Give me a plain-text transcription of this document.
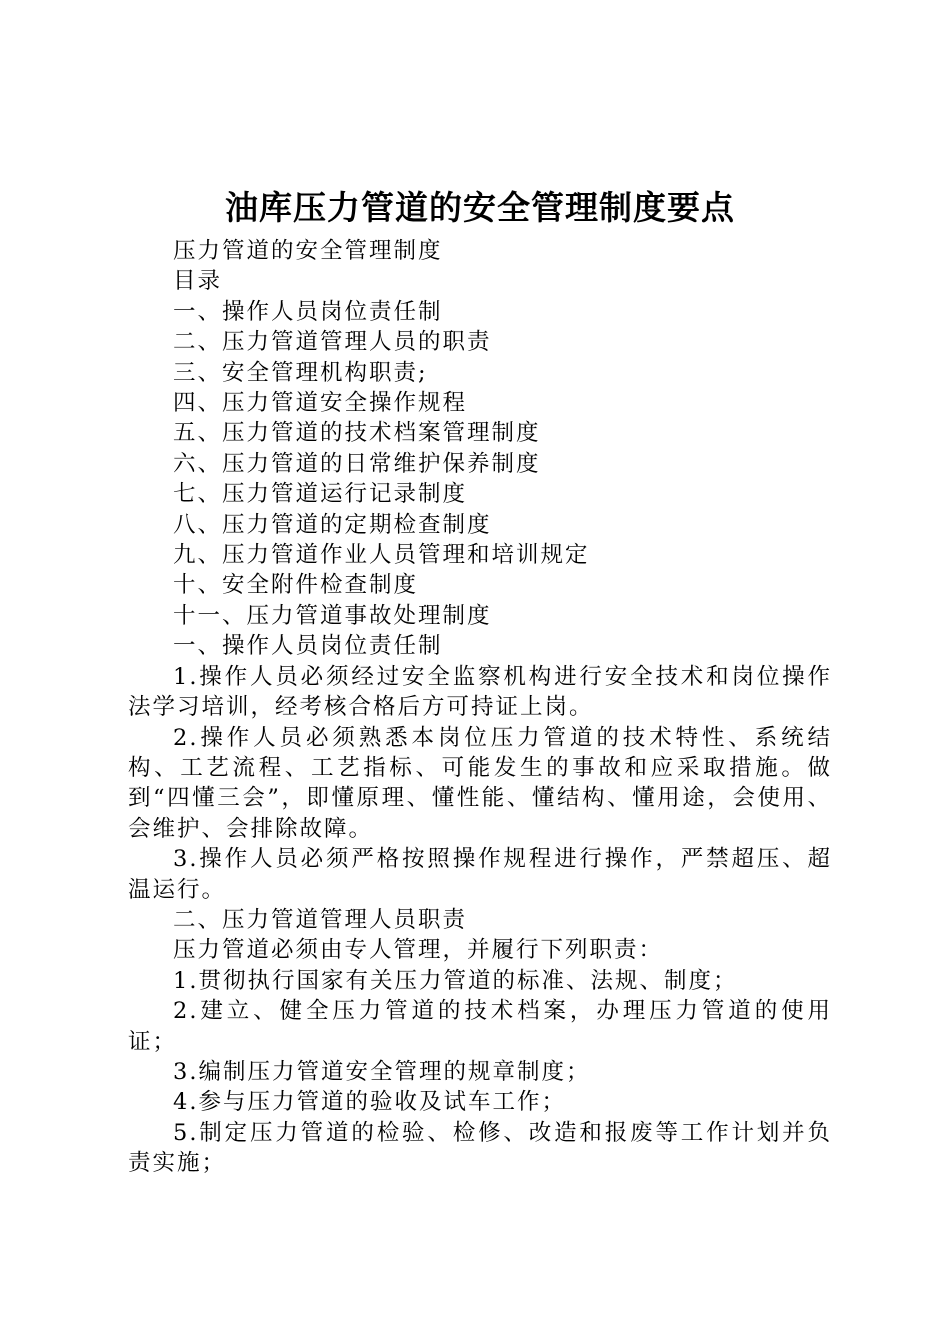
油库压力管道的安全管理制度要点

压力管道的安全管理制度

目录

一、操作人员岗位责任制

二、压力管道管理人员的职责

三、安全管理机构职责;

四、压力管道安全操作规程

五、压力管道的技术档案管理制度

六、压力管道的日常维护保养制度

七、压力管道运行记录制度

八、压力管道的定期检查制度

九、压力管道作业人员管理和培训规定

十、安全附件检查制度

十一、压力管道事故处理制度

一、操作人员岗位责任制

1.操作人员必须经过安全监察机构进行安全技术和岗位操作法学习培训，经考核合格后方可持证上岗。

2.操作人员必须熟悉本岗位压力管道的技术特性、系统结构、工艺流程、工艺指标、可能发生的事故和应采取措施。做到“四懂三会”，即懂原理、懂性能、懂结构、懂用途，会使用、会维护、会排除故障。

3.操作人员必须严格按照操作规程进行操作，严禁超压、超温运行。

二、压力管道管理人员职责

压力管道必须由专人管理，并履行下列职责：

1.贯彻执行国家有关压力管道的标准、法规、制度；

2.建立、健全压力管道的技术档案，办理压力管道的使用证；

3.编制压力管道安全管理的规章制度；

4.参与压力管道的验收及试车工作；

5.制定压力管道的检验、检修、改造和报废等工作计划并负责实施；
